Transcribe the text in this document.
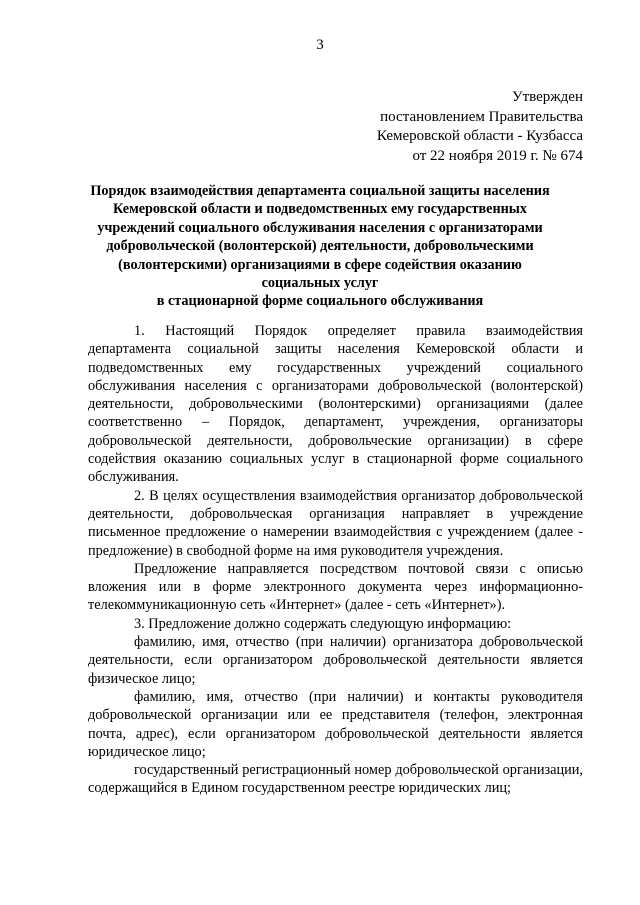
3
Утвержден
постановлением Правительства
Кемеровской области - Кузбасса
от 22 ноября 2019 г. № 674
Порядок взаимодействия департамента социальной защиты населения
Кемеровской области и подведомственных ему государственных
учреждений социального обслуживания населения с организаторами
добровольческой (волонтерской) деятельности, добровольческими
(волонтерскими) организациями в сфере содействия оказанию
социальных услуг
в стационарной форме социального обслуживания

1. Настоящий Порядок определяет правила взаимодействия департамента социальной защиты населения Кемеровской области и подведомственных ему государственных учреждений социального обслуживания населения с организаторами добровольческой (волонтерской) деятельности, добровольческими (волонтерскими) организациями (далее соответственно – Порядок, департамент, учреждения, организаторы добровольческой деятельности, добровольческие организации) в сфере содействия оказанию социальных услуг в стационарной форме социального обслуживания.

2. В целях осуществления взаимодействия организатор добровольческой деятельности, добровольческая организация направляет в учреждение письменное предложение о намерении взаимодействия с учреждением (далее - предложение) в свободной форме на имя руководителя учреждения.

Предложение направляется посредством почтовой связи с описью вложения или в форме электронного документа через информационно-телекоммуникационную сеть «Интернет» (далее - сеть «Интернет»).

3. Предложение должно содержать следующую информацию:

фамилию, имя, отчество (при наличии) организатора добровольческой деятельности, если организатором добровольческой деятельности является физическое лицо;

фамилию, имя, отчество (при наличии) и контакты руководителя добровольческой организации или ее представителя (телефон, электронная почта, адрес), если организатором добровольческой деятельности является юридическое лицо;

государственный регистрационный номер добровольческой организации, содержащийся в Едином государственном реестре юридических лиц;
